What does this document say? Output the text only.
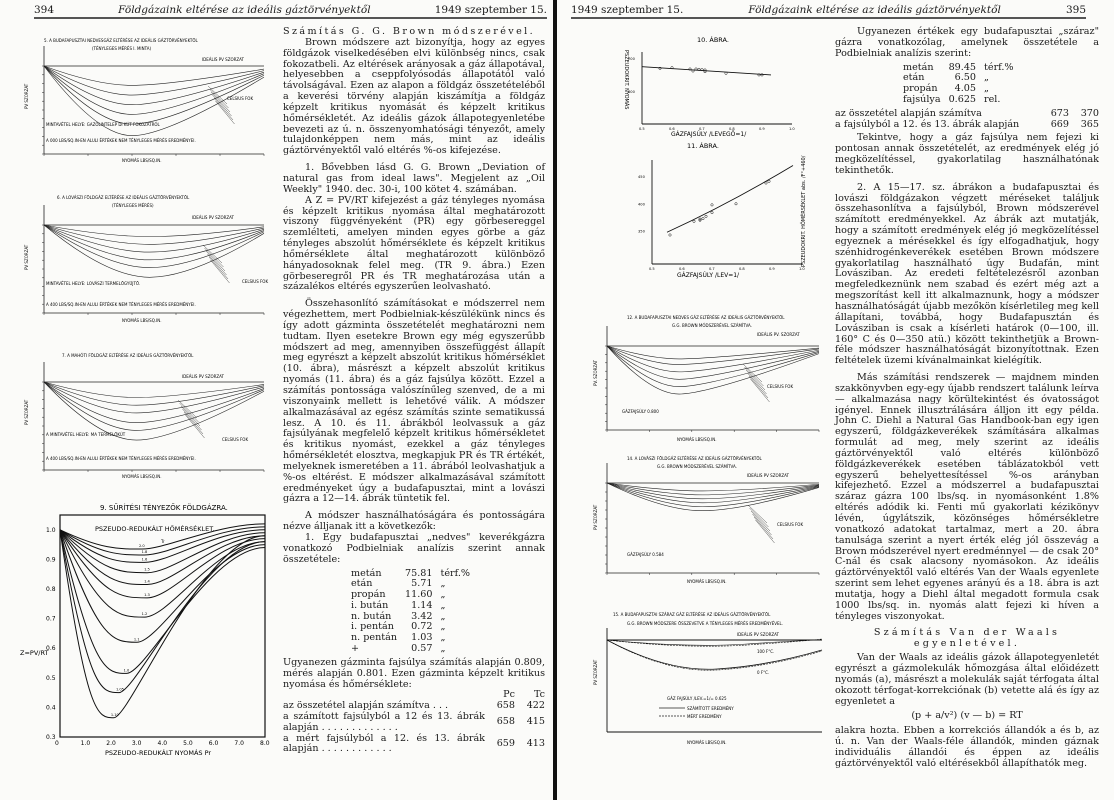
394	Földgázaink eltérése az ideális gáztörvényektől	1949 szeptember 15.
5. A BUDAFAPUSZTAI NEDVESGÁZ ELTÉRÉSE AZ IDEÁLIS GÁZTÖRVÉNYEKTŐL
(TÉNYLEGES MÉRÉS I. MINTA)
IDEÁLIS PV SZORZAT
CELSIUS FOK
MINTAVÉTEL HELYE: GAZOLINTELEP DI KÚT FOKOZATRÓL
A 000 LBS/SQ.IN-EN ALULI ÉRTÉKEK NEM TÉNYLEGES MÉRÉS EREDMÉNYEI.
NYOMÁS LBS/SQ.IN.
PV SZORZAT
6. A LOVÁSZI FÖLDGÁZ ELTÉRÉSE AZ IDEÁLIS GÁZTÖRVÉNYEKTŐL
(TÉNYLEGES MÉRÉS)
IDEÁLIS PV SZORZAT
CELSIUS FOK
MINTAVÉTEL HELYE: LOVÁSZI TERMELŐGYŰJTŐ.
A 400 LBS/SQ.IN-EN ALULI ÉRTÉKEK NEM TÉNYLEGES MÉRÉS EREDMÉNYEI.
NYOMÁS LBS/SQ.IN.
PV SZORZAT
7. A MAHÓTI FÖLDGÁZ ELTÉRÉSE AZ IDEÁLIS GÁZTÖRVÉNYEKTŐL
IDEÁLIS PV SZORZAT
CELSIUS FOK
A MINTAVÉTEL HELYE: MA TERMELŐKÚT
A 400 LBS/SQ.IN-EN ALULI ÉRTÉKEK NEM TÉNYLEGES MÉRÉS EREDMÉNYEI.
NYOMÁS LBS/SQ.IN.
PV SZORZAT
9. SŰRÍTÉSI TÉNYEZŐK FÖLDGÁZRA.
PSZEUDO-REDUKÁLT HŐMÉRSÉKLET.
Tr
PSZEUDO-REDUKÁLT NYOMÁS Pr
Z=PV/RT
0	1.0	2.0	3.0	4.0	5.0	6.0	7.0	8.0
0.3
0.4
0.5
0.6
0.7
0.8
0.9
1.0
2.0
1.8
1.6
1.5
1.4
1.3
1.2
1.1
1.0
1.05
1.10

Számítás G. G. Brown módszerével.

Brown módszere azt bizonyítja, hogy az egyes földgázok viselkedésében elvi különbség nincs, csak fokozatbeli. Az eltérések arányosak a gáz állapotával, helyesebben a cseppfolyósodás állapotától való távolságával. Ezen az alapon a földgáz összetételéből a keverési törvény alapján kiszámítja a földgáz képzelt kritikus nyomását és képzelt kritikus hőmérsékletét. Az ideális gázok állapotegyenletébe bevezeti az ú. n. összenyomhatósági tényezőt, amely tulajdonképpen nem más, mint az ideális gáztörvényektől való eltérés %-os kifejezése.

1. Bővebben lásd G. G. Brown „Deviation of natural gas from ideal laws". Megjelent az „Oil Weekly" 1940. dec. 30-i, 100 kötet 4. számában.

A Z = PV/RT kifejezést a gáz tényleges nyomása és képzelt kritikus nyomása által meghatározott viszony függvényeként (PR) egy görbesereggel szemlélteti, amelyen minden egyes görbe a gáz tényleges abszolút hőmérséklete és képzelt kritikus hőmérséklete által meghatározott különböző hányadosoknak felel meg. (TR 9. ábra.) Ezen görbeseregről PR és TR meghatározása után a százalékos eltérés egyszerűen leolvasható.

Összehasonlító számításokat e módszerrel nem végezhettem, mert Podbielniak-készülékünk nincs és így adott gázminta összetételét meghatározni nem tudtam. Ilyen esetekre Brown egy még egyszerűbb módszert ad meg, amennyiben összefüggést állapít meg egyrészt a képzelt abszolút kritikus hőmérséklet (10. ábra), másrészt a képzelt abszolút kritikus nyomás (11. ábra) és a gáz fajsúlya között. Ezzel a számítás pontossága valószínűleg szenved, de a mi viszonyaink mellett is lehetővé válik. A módszer alkalmazásával az egész számítás szinte sematikussá lesz. A 10. és 11. ábrákból leolvassuk a gáz fajsúlyának megfelelő képzelt kritikus hőmérsékletet és kritikus nyomást, ezekkel a gáz tényleges hőmérsékletét elosztva, megkapjuk PR és TR értékét, melyeknek ismeretében a 11. ábrából leolvashatjuk a %-os eltérést. E módszer alkalmazásával számított eredményeket úgy a budafapusztai, mint a lovászi gázra a 12—14. ábrák tüntetik fel.

A módszer használhatóságára és pontosságára nézve álljanak itt a következők:

1. Egy budafapusztai „nedves" keverékgázra vonatkozó Podbielniak analízis szerint annak összetétele:

metán	75.81	térf.%
etán	5.71	„
propán	11.60	„
i. bután	1.14	„
n. bután	3.42	„
i. pentán	0.72	„
n. pentán	1.03	„
+	0.57	„

Ugyanezen gázminta fajsúlya számítás alapján 0.809, mérés alapján 0.801. Ezen gázminta képzelt kritikus nyomása és hőmérséklete:

	Pc	Tc
az összetétel alapján számítva . . .	658	422
a számított fajsúlyból a 12 és 13. ábrák alapján . . . . . . . . . . . . .	658	415
a mért fajsúlyból a 12. és 13. ábrák alapján . . . . . . . . . . . .	659	413
1949 szeptember 15.	Földgázaink eltérése az ideális gáztörvényektől	395
10. ÁBRA.
GÁZFAJSÚLY /LEVEGŐ=1/
PSZEUDOKRIT. NYOMÁS
11. ÁBRA.
GÁZFAJSÚLY /LEV=1/
PSZEUDOKRIT. HŐMÉRSÉKLET abs. /F°+460/
0.5	0.6	0.7	0.8	0.9	1.0
600
700
0.5	0.6	0.7	0.8	0.9	1.0
350
400
450
12. A BUDAFAPUSZTAI NEDVES GÁZ ELTÉRÉSE AZ IDEÁLIS GÁZTÖRVÉNYEKTŐL
G.G. BROWN MÓDSZERÉVEL SZÁMÍTVA.
IDEÁLIS PV. SZORZAT
CELSIUS FOK
GÁZFAJSÚLY 0.800
NYOMÁS LBS/SQ.IN.
PV. SZORZAT
14. A LOVÁSZI FÖLDGÁZ ELTÉRÉSE AZ IDEÁLIS GÁZTÖRVÉNYEKTŐL
G.G. BROWN MÓDSZERÉVEL SZÁMÍTVA.
IDEÁLIS PV SZORZAT
CELSIUS FOK
GÁZFAJSÚLY 0.584
NYOMÁS LBS/SQ.IN.
PV SZORZAT
15. A BUDAFAPUSZTAI SZÁRAZ GÁZ ELTÉRÉSE AZ IDEÁLIS GÁZTÖRVÉNYEKTŐL
G.G. BROWN MÓDSZERE ÖSSZEVETVE A TÉNYLEGES MÉRÉS EREDMÉNYÉVEL.
IDEÁLIS PV SZORZAT
100 F°C.
0 F°C.
GÁZ FAJSÚLY /LEV.=1/= 0.625
SZÁMÍTOTT EREDMÉNY
MÉRT EREDMÉNY
NYOMÁS LBS/SQ.IN.
PV SZORZAT

Ugyanezen értékek egy budafapusztai „száraz" gázra vonatkozólag, amelynek összetétele a Podbielniak analízis szerint:

metán	89.45	térf.%
etán	6.50	„
propán	4.05	„
fajsúlya	0.625	rel.
az összetétel alapján számítva	673	370
a fajsúlyból a 12. és 13. ábrák alapján	669	365

Tekintve, hogy a gáz fajsúlya nem fejezi ki pontosan annak összetételét, az eredmények elég jó megközelítéssel, gyakorlatilag használhatónak tekinthetők.

2. A 15—17. sz. ábrákon a budafapusztai és lovászi földgázakon végzett méréseket találjuk összehasonlítva a fajsúlyból, Brown módszerével számított eredményekkel. Az ábrák azt mutatják, hogy a számított eredmények elég jó megközelítéssel egyeznek a mérésekkel és így elfogadhatjuk, hogy szénhidrogénkeverékek esetében Brown módszere gyakorlatilag használható úgy Budafán, mint Lovásziban. Az eredeti feltételezésről azonban megfeledkeznünk nem szabad és ezért még azt a megszorítást kell itt alkalmaznunk, hogy a módszer használhatóságát újabb mezőkön kísérletileg meg kell állapítani, továbbá, hogy Budafapusztán és Lovásziban is csak a kísérleti határok (0—100, ill. 160° C és 0—350 atü.) között tekinthetjük a Brown-féle módszer használhatóságát bizonyítottnak. Ezen feltételek üzemi kívánalmainkat kielégítik.

Más számítási rendszerek — majdnem minden szakkönyvben egy-egy újabb rendszert találunk leírva — alkalmazása nagy körültekintést és óvatosságot igényel. Ennek illusztrálására álljon itt egy példa. John C. Diehl a Natural Gas Handbook-ban egy igen egyszerű, földgázkeverékek számítására alkalmas formulát ad meg, mely szerint az ideális gáztörvényektől való eltérés különböző földgázkeverékek esetében táblázatokból vett egyszerű behelyettesítéssel %-os arányban kifejezhető. Ezzel a módszerrel a budafapusztai száraz gázra 100 lbs/sq. in nyomásonként 1.8% eltérés adódik ki. Fenti mű gyakorlati kézikönyv lévén, úgylátszik, közönséges hőmérsékletre vonatkozó adatokat tartalmaz, mert a 20. ábra tanulsága szerint a nyert érték elég jól összevág a Brown módszerével nyert eredménnyel — de csak 20° C-nál és csak alacsony nyomásokon. Az ideális gáztörvényektől való eltérés Van der Waals egyenlete szerint sem lehet egyenes arányú és a 18. ábra is azt mutatja, hogy a Diehl által megadott formula csak 1000 lbs/sq. in. nyomás alatt fejezi ki híven a tényleges viszonyokat.

Számítás Van der Waals

egyenletével.

Van der Waals az ideális gázok állapotegyenletét egyrészt a gázmolekulák hőmozgása által előidézett nyomás (a), másrészt a molekulák saját térfogata által okozott térfogat-korrekciónak (b) vetette alá és így az egyenletet a

(p + a/v²) (v — b) = RT

alakra hozta. Ebben a korrekciós állandók a és b, az ú. n. Van der Waals-féle állandók, minden gáznak individuális állandói és éppen az ideális gáztörvényektől való eltérésekből állapíthatók meg.
